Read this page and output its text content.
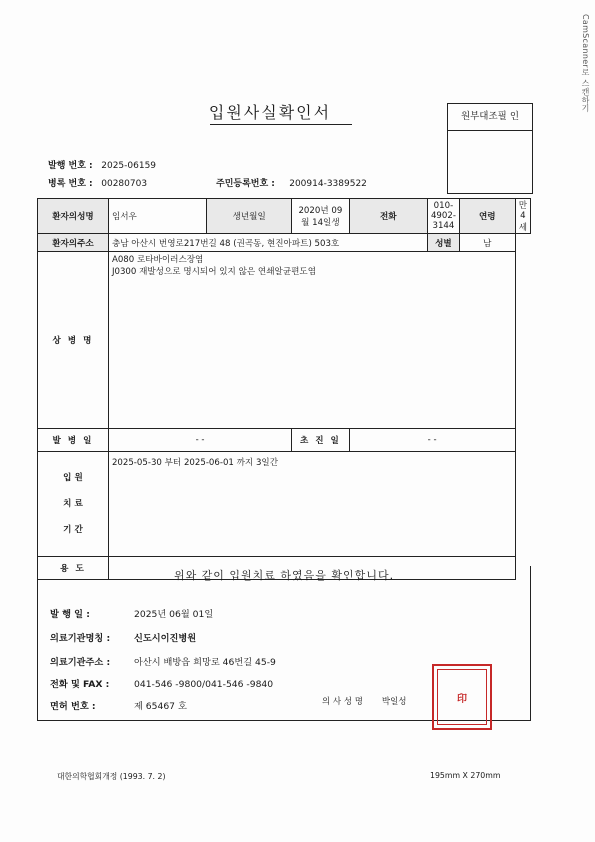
CamScanner로 스캔하기
입원사실확인서	원부대조필 인
발행 번호 : 2025-06159
병록 번호 : 00280703	주민등록번호 : 200914-3389522
환자의성명	임서우	생년월일	2020년 09월 14일생	전화	010-4902-3144	연령	만 4 세
환자의주소	충남 아산시 번영로217번길 48 (권곡동, 현진아파트) 503호				성별	남	
상 병 명	A080 로타바이러스장염
J0300 재발성으로 명시되어 있지 않은 연쇄알균편도염						

발 병 일	- -		초 진 일	- -			

입 원
치 료
기 간	2025-05-30 부터 2025-06-01 까지 3일간						
용 도								위와 같이 입원치료 하였음을 확인합니다.
발 행 일 :	2025년 06월 01일
의료기관명칭 :	신도시이진병원
의료기관주소 :	아산시 배방읍 희망로 46번길 45-9
전화 및 FAX :	041-546 -9800/041-546 -9840
면허 번호 :	제 65467 호	의 사 성 명 박일성	印
대한의학협회개정 (1993. 7. 2)	195mm X 270mm
